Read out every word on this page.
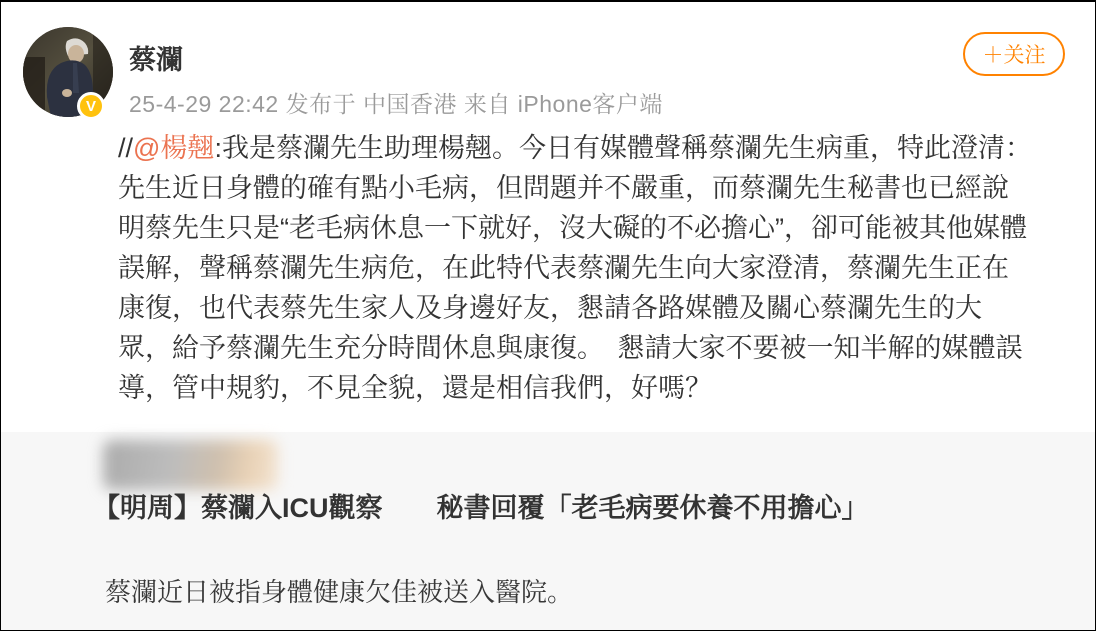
V
蔡瀾
25-4-29 22:42 发布于 中国香港 来自 iPhone客户端
＋关注
//@楊翹:我是蔡瀾先生助理楊翹。今日有媒體聲稱蔡瀾先生病重，特此澄清：　先生近日身體的確有點小毛病，但問題并不嚴重，而蔡瀾先生秘書也已經說明蔡先生只是“老毛病休息一下就好，沒大礙的不必擔心”，卻可能被其他媒體誤解，聲稱蔡瀾先生病危，在此特代表蔡瀾先生向大家澄清，蔡瀾先生正在康復，也代表蔡先生家人及身邊好友，懇請各路媒體及關心蔡瀾先生的大眾，給予蔡瀾先生充分時間休息與康復。　懇請大家不要被一知半解的媒體誤導，管中規豹，不見全貌，還是相信我們，好嗎？
【明周】蔡瀾入ICU觀察　　秘書回覆「老毛病要休養不用擔心」
蔡瀾近日被指身體健康欠佳被送入醫院。
